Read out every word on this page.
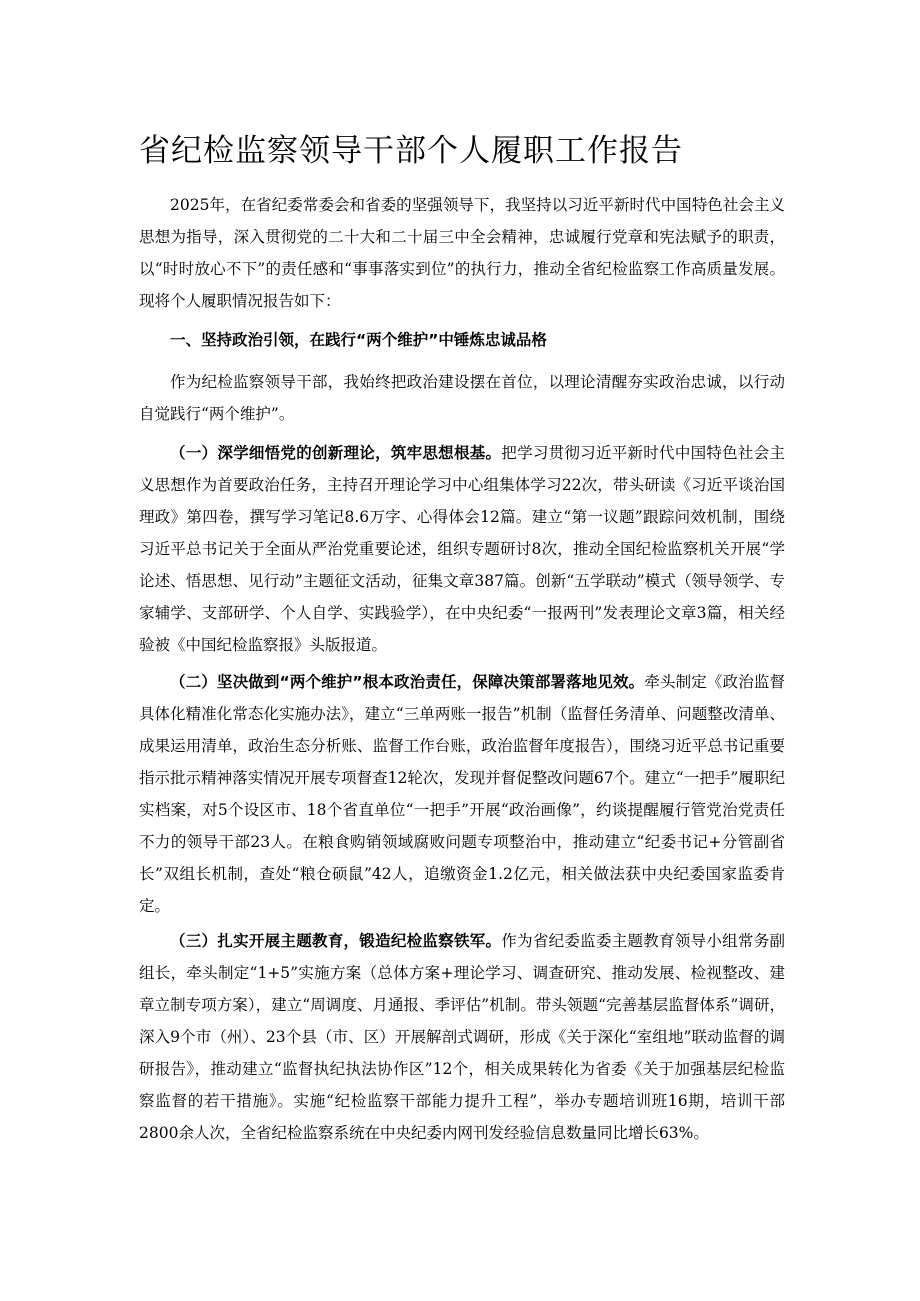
省纪检监察领导干部个人履职工作报告

2025年，在省纪委常委会和省委的坚强领导下，我坚持以习近平新时代中国特色社会主义思想为指导，深入贯彻党的二十大和二十届三中全会精神，忠诚履行党章和宪法赋予的职责，以“时时放心不下”的责任感和“事事落实到位”的执行力，推动全省纪检监察工作高质量发展。现将个人履职情况报告如下：

一、坚持政治引领，在践行“两个维护”中锤炼忠诚品格

作为纪检监察领导干部，我始终把政治建设摆在首位，以理论清醒夯实政治忠诚，以行动自觉践行“两个维护”。

（一）深学细悟党的创新理论，筑牢思想根基。把学习贯彻习近平新时代中国特色社会主义思想作为首要政治任务，主持召开理论学习中心组集体学习22次，带头研读《习近平谈治国理政》第四卷，撰写学习笔记8.6万字、心得体会12篇。建立“第一议题”跟踪问效机制，围绕习近平总书记关于全面从严治党重要论述，组织专题研讨8次，推动全国纪检监察机关开展“学论述、悟思想、见行动”主题征文活动，征集文章387篇。创新“五学联动”模式（领导领学、专家辅学、支部研学、个人自学、实践验学），在中央纪委“一报两刊”发表理论文章3篇，相关经验被《中国纪检监察报》头版报道。

（二）坚决做到“两个维护”根本政治责任，保障决策部署落地见效。牵头制定《政治监督具体化精准化常态化实施办法》，建立“三单两账一报告”机制（监督任务清单、问题整改清单、成果运用清单，政治生态分析账、监督工作台账，政治监督年度报告），围绕习近平总书记重要指示批示精神落实情况开展专项督查12轮次，发现并督促整改问题67个。建立“一把手”履职纪实档案，对5个设区市、18个省直单位“一把手”开展“政治画像”，约谈提醒履行管党治党责任不力的领导干部23人。在粮食购销领域腐败问题专项整治中，推动建立“纪委书记+分管副省长”双组长机制，查处“粮仓硕鼠”42人，追缴资金1.2亿元，相关做法获中央纪委国家监委肯定。

（三）扎实开展主题教育，锻造纪检监察铁军。作为省纪委监委主题教育领导小组常务副组长，牵头制定“1+5”实施方案（总体方案+理论学习、调查研究、推动发展、检视整改、建章立制专项方案），建立“周调度、月通报、季评估”机制。带头领题“完善基层监督体系”调研，深入9个市（州）、23个县（市、区）开展解剖式调研，形成《关于深化“室组地”联动监督的调研报告》，推动建立“监督执纪执法协作区”12个，相关成果转化为省委《关于加强基层纪检监察监督的若干措施》。实施“纪检监察干部能力提升工程”，举办专题培训班16期，培训干部2800余人次，全省纪检监察系统在中央纪委内网刊发经验信息数量同比增长63%。
